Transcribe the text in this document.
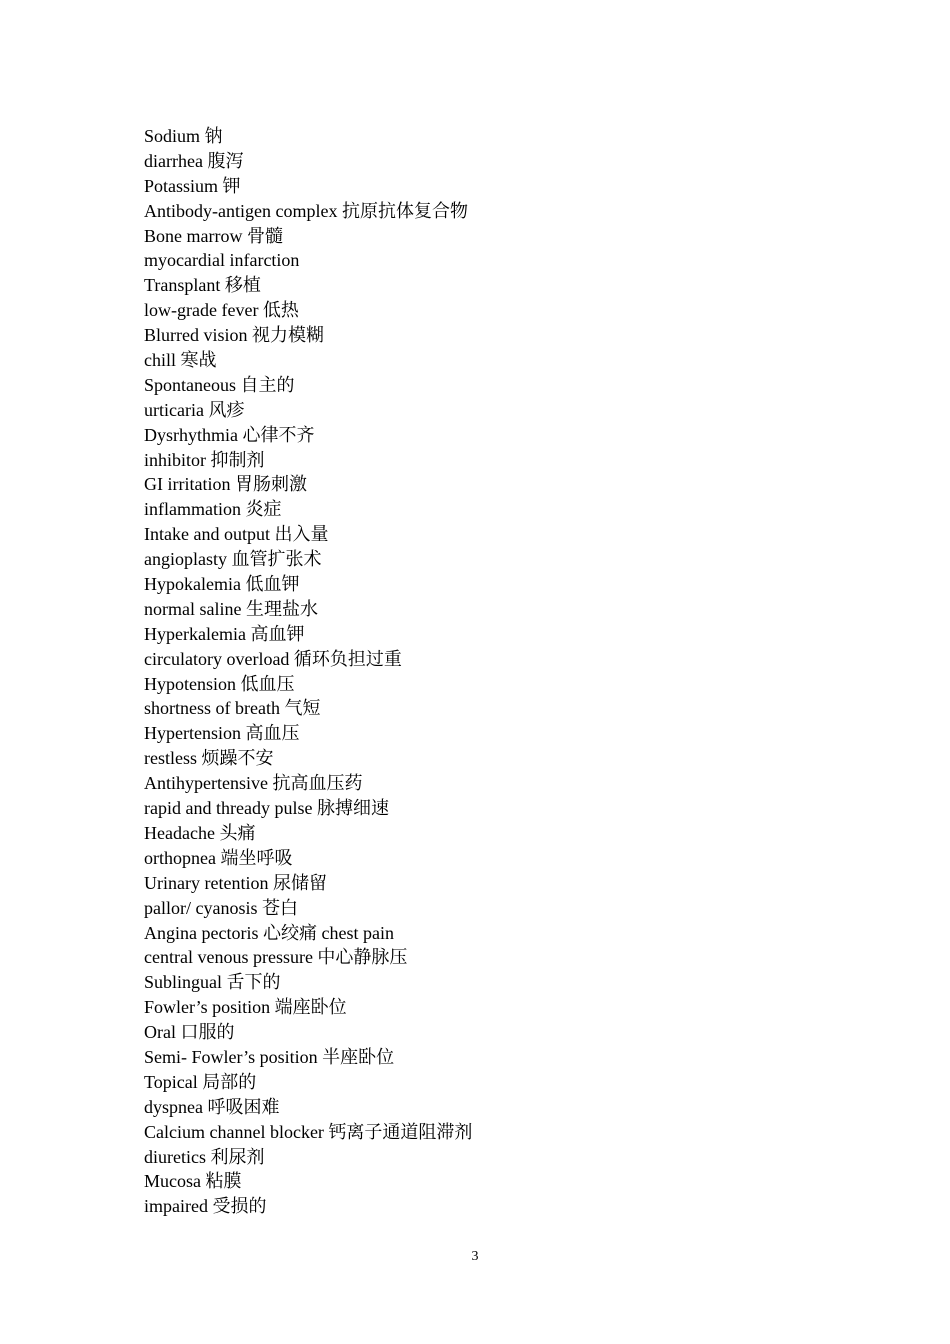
Sodium 钠
diarrhea 腹泻
Potassium 钾
Antibody-antigen complex 抗原抗体复合物
Bone marrow 骨髓
myocardial infarction
Transplant 移植
low-grade fever 低热
Blurred vision 视力模糊
chill 寒战
Spontaneous 自主的
urticaria 风疹
Dysrhythmia 心律不齐
inhibitor 抑制剂
GI irritation 胃肠刺激
inflammation 炎症
Intake and output 出入量
angioplasty 血管扩张术
Hypokalemia 低血钾
normal saline 生理盐水
Hyperkalemia 高血钾
circulatory overload 循环负担过重
Hypotension 低血压
shortness of breath 气短
Hypertension 高血压
restless 烦躁不安
Antihypertensive 抗高血压药
rapid and thready pulse 脉搏细速
Headache 头痛
orthopnea 端坐呼吸
Urinary retention 尿储留
pallor/ cyanosis 苍白
Angina pectoris 心绞痛 chest pain
central venous pressure 中心静脉压
Sublingual 舌下的
Fowler’s position 端座卧位
Oral 口服的
Semi- Fowler’s position 半座卧位
Topical 局部的
dyspnea 呼吸困难
Calcium channel blocker 钙离子通道阻滞剂
diuretics 利尿剂
Mucosa 粘膜
impaired 受损的
3
